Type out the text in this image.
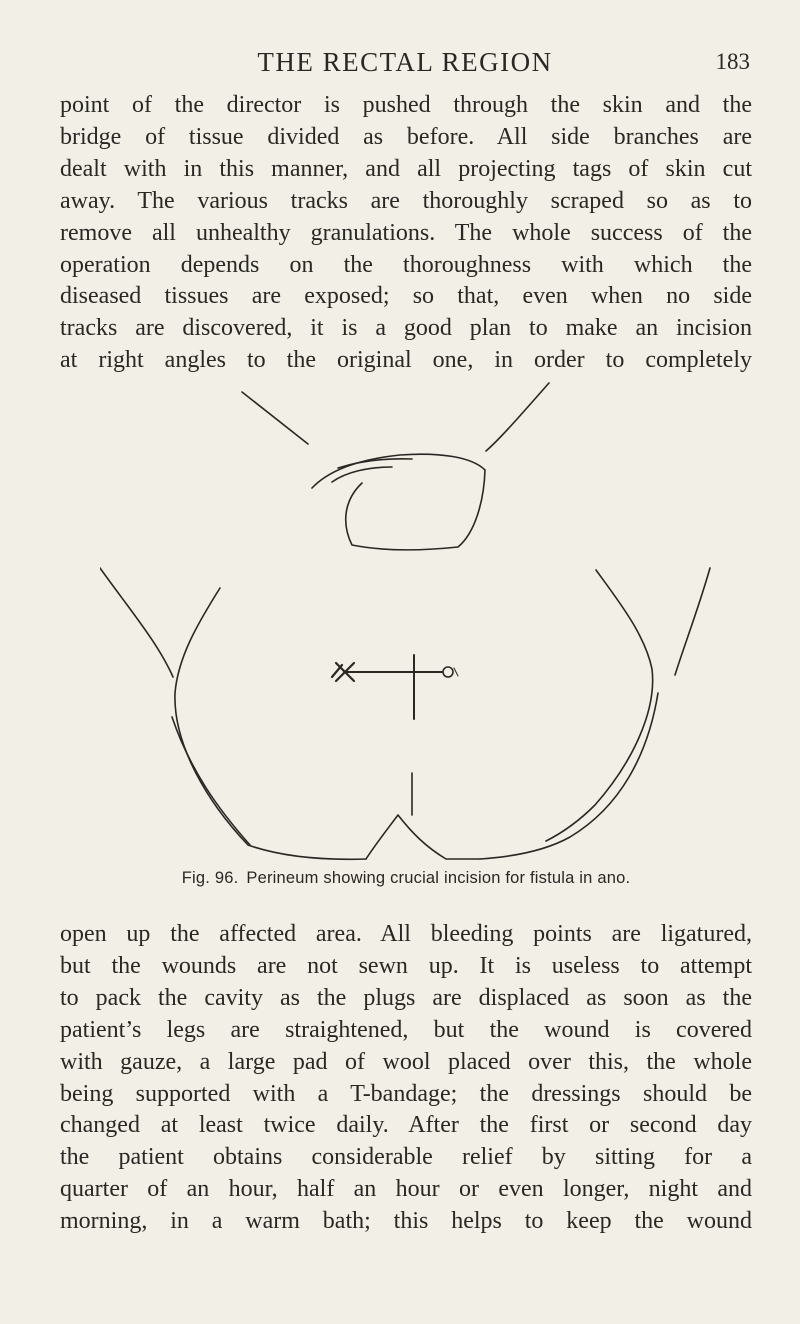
THE RECTAL REGION	183

point of the director is pushed through the skin and the
bridge of tissue divided as before. All side branches are
dealt with in this manner, and all projecting tags of skin cut
away. The various tracks are thoroughly scraped so as to
remove all unhealthy granulations. The whole success of the
operation depends on the thoroughness with which the
diseased tissues are exposed; so that, even when no side
tracks are discovered, it is a good plan to make an incision
at right angles to the original one, in order to completely

Fig. 96. Perineum showing crucial incision for fistula in ano.

open up the affected area. All bleeding points are ligatured,
but the wounds are not sewn up. It is useless to attempt
to pack the cavity as the plugs are displaced as soon as the
patient’s legs are straightened, but the wound is covered
with gauze, a large pad of wool placed over this, the whole
being supported with a T-bandage; the dressings should be
changed at least twice daily. After the first or second day
the patient obtains considerable relief by sitting for a
quarter of an hour, half an hour or even longer, night and
morning, in a warm bath; this helps to keep the wound
